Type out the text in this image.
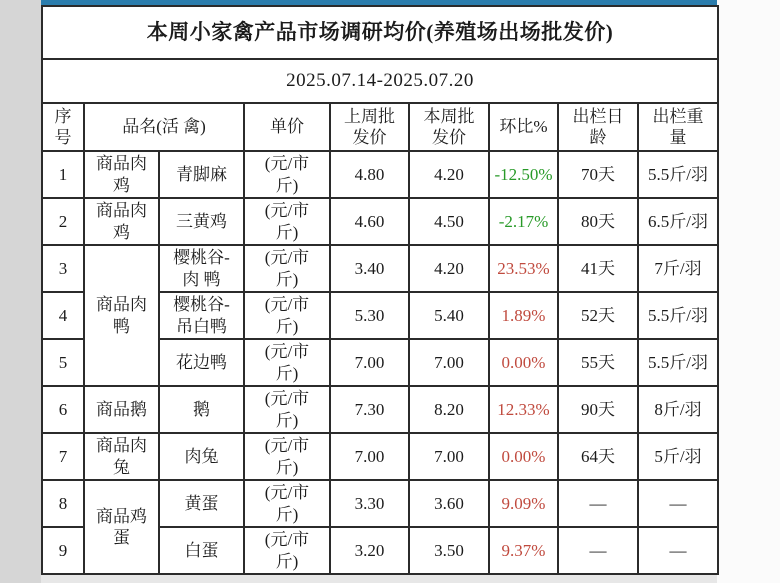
本周小家禽产品市场调研均价(养殖场出场批发价)								
2025.07.14-2025.07.20								
序号	品名(活 禽)		单价	上周批发价	本周批发价	环比%	出栏日龄	出栏重量
1	商品肉鸡	青脚麻	(元/市斤)	4.80	4.20	-12.50%	70天	5.5斤/羽
2	商品肉鸡	三黄鸡	(元/市斤)	4.60	4.50	-2.17%	80天	6.5斤/羽
3	商品肉鸭	樱桃谷-肉 鸭	(元/市斤)	3.40	4.20	23.53%	41天	7斤/羽
4		樱桃谷-吊白鸭	(元/市斤)	5.30	5.40	1.89%	52天	5.5斤/羽
5		花边鸭	(元/市斤)	7.00	7.00	0.00%	55天	5.5斤/羽
6	商品鹅	鹅	(元/市斤)	7.30	8.20	12.33%	90天	8斤/羽
7	商品肉兔	肉兔	(元/市斤)	7.00	7.00	0.00%	64天	5斤/羽
8	商品鸡蛋	黄蛋	(元/市斤)	3.30	3.60	9.09%	—	—
9		白蛋	(元/市斤)	3.20	3.50	9.37%	—	—
